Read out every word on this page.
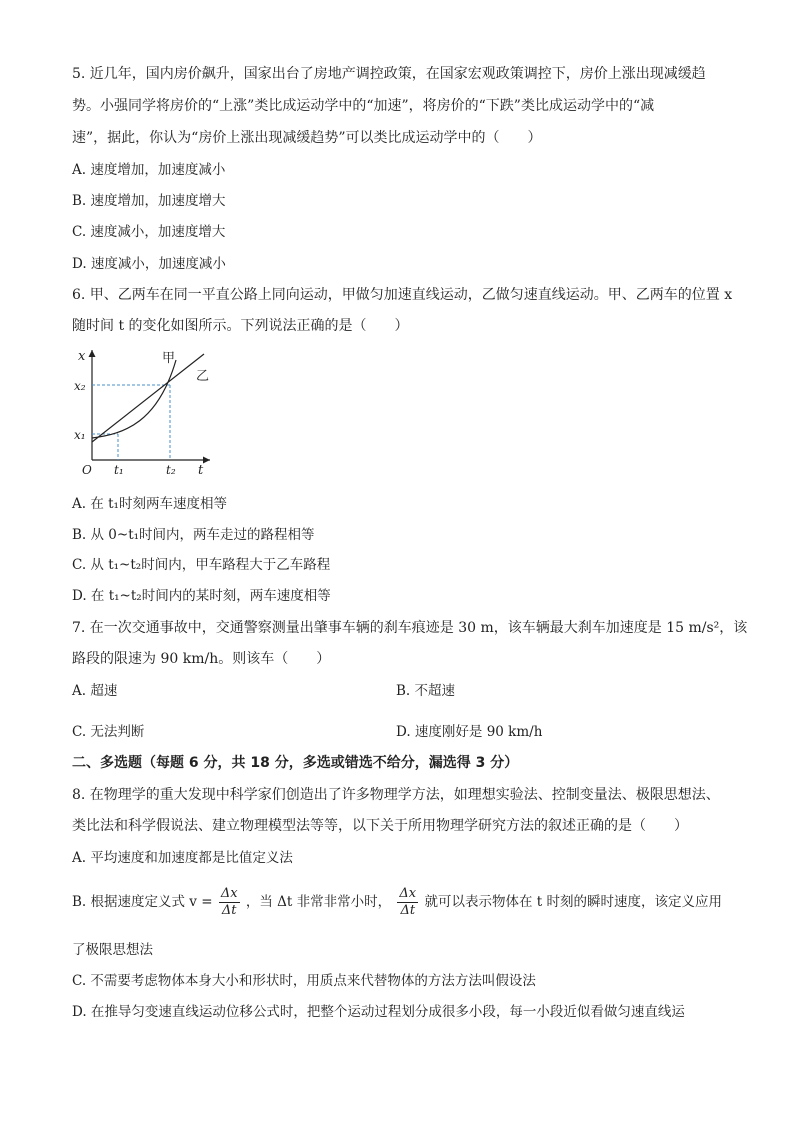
5. 近几年，国内房价飙升，国家出台了房地产调控政策，在国家宏观政策调控下，房价上涨出现减缓趋
势。小强同学将房价的“上涨”类比成运动学中的“加速”，将房价的“下跌”类比成运动学中的“减
速”，据此，你认为“房价上涨出现减缓趋势”可以类比成运动学中的（　　）
A. 速度增加，加速度减小
B. 速度增加，加速度增大
C. 速度减小，加速度增大
D. 速度减小，加速度减小
6. 甲、乙两车在同一平直公路上同向运动，甲做匀加速直线运动，乙做匀速直线运动。甲、乙两车的位置 x
随时间 t 的变化如图所示。下列说法正确的是（　　）
x
t
O
甲
乙
x₂
x₁
t₁	t₂
A. 在 t₁时刻两车速度相等
B. 从 0~t₁时间内，两车走过的路程相等
C. 从 t₁~t₂时间内，甲车路程大于乙车路程
D. 在 t₁~t₂时间内的某时刻，两车速度相等
7. 在一次交通事故中，交通警察测量出肇事车辆的刹车痕迹是 30 m，该车辆最大刹车加速度是 15 m/s²，该
路段的限速为 90 km/h。则该车（　　）
A. 超速	B. 不超速
C. 无法判断	D. 速度刚好是 90 km/h
二、多选题（每题 6 分，共 18 分，多选或错选不给分，漏选得 3 分）
8. 在物理学的重大发现中科学家们创造出了许多物理学方法，如理想实验法、控制变量法、极限思想法、
类比法和科学假说法、建立物理模型法等等，以下关于所用物理学研究方法的叙述正确的是（　　）
A. 平均速度和加速度都是比值定义法
B. 根据速度定义式 $v = \frac{\Delta x}{\Delta t}$ ，当 Δt 非常非常小时， $\frac{\Delta x}{\Delta t}$ 就可以表示物体在 t 时刻的瞬时速度，该定义应用
了极限思想法
C. 不需要考虑物体本身大小和形状时，用质点来代替物体的方法方法叫假设法
D. 在推导匀变速直线运动位移公式时，把整个运动过程划分成很多小段，每一小段近似看做匀速直线运
